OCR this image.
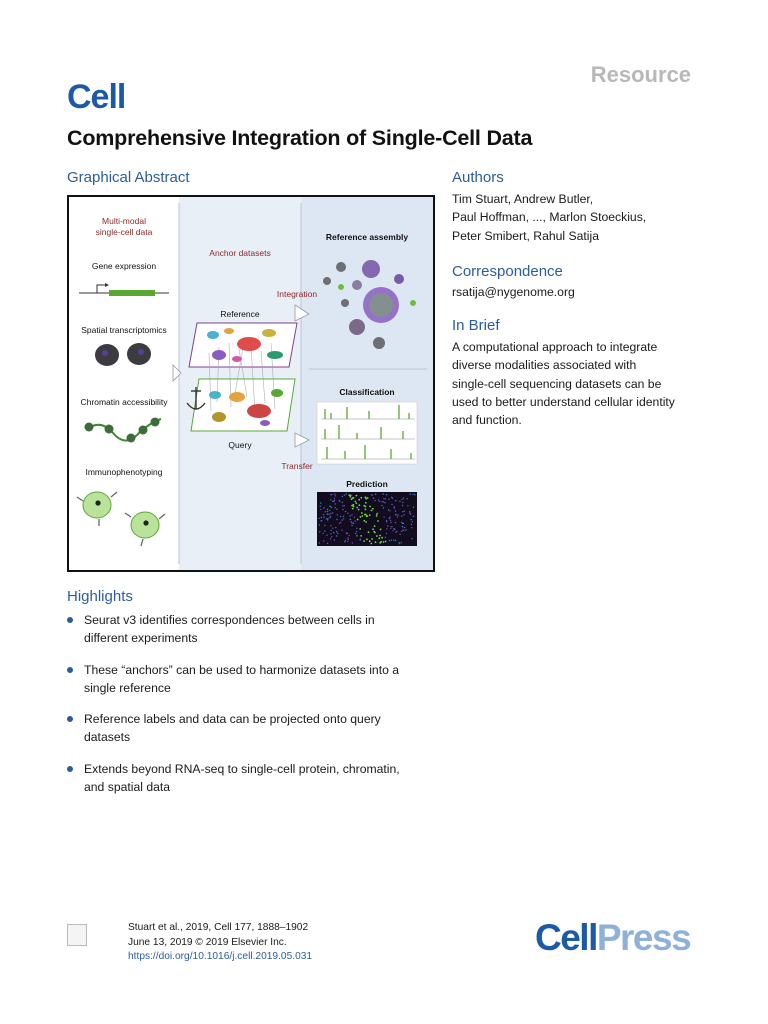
Resource
Cell
Comprehensive Integration of Single-Cell Data
Graphical Abstract
Multi-modal
single-cell data
Gene expression
Spatial transcriptomics
Chromatin accessibility
Immunophenotyping
Anchor datasets
Reference
Query
Integration
Transfer
Reference assembly
Classification
Prediction
Authors
Tim Stuart, Andrew Butler,
Paul Hoffman, ..., Marlon Stoeckius,
Peter Smibert, Rahul Satija
Correspondence
rsatija@nygenome.org
In Brief
A computational approach to integrate
diverse modalities associated with
single-cell sequencing datasets can be
used to better understand cellular identity
and function.
Highlights
Seurat v3 identifies correspondences between cells in
different experiments
These “anchors” can be used to harmonize datasets into a
single reference
Reference labels and data can be projected onto query
datasets
Extends beyond RNA-seq to single-cell protein, chromatin,
and spatial data
Stuart et al., 2019, Cell 177, 1888–1902
June 13, 2019 © 2019 Elsevier Inc.
https://doi.org/10.1016/j.cell.2019.05.031	CellPress
